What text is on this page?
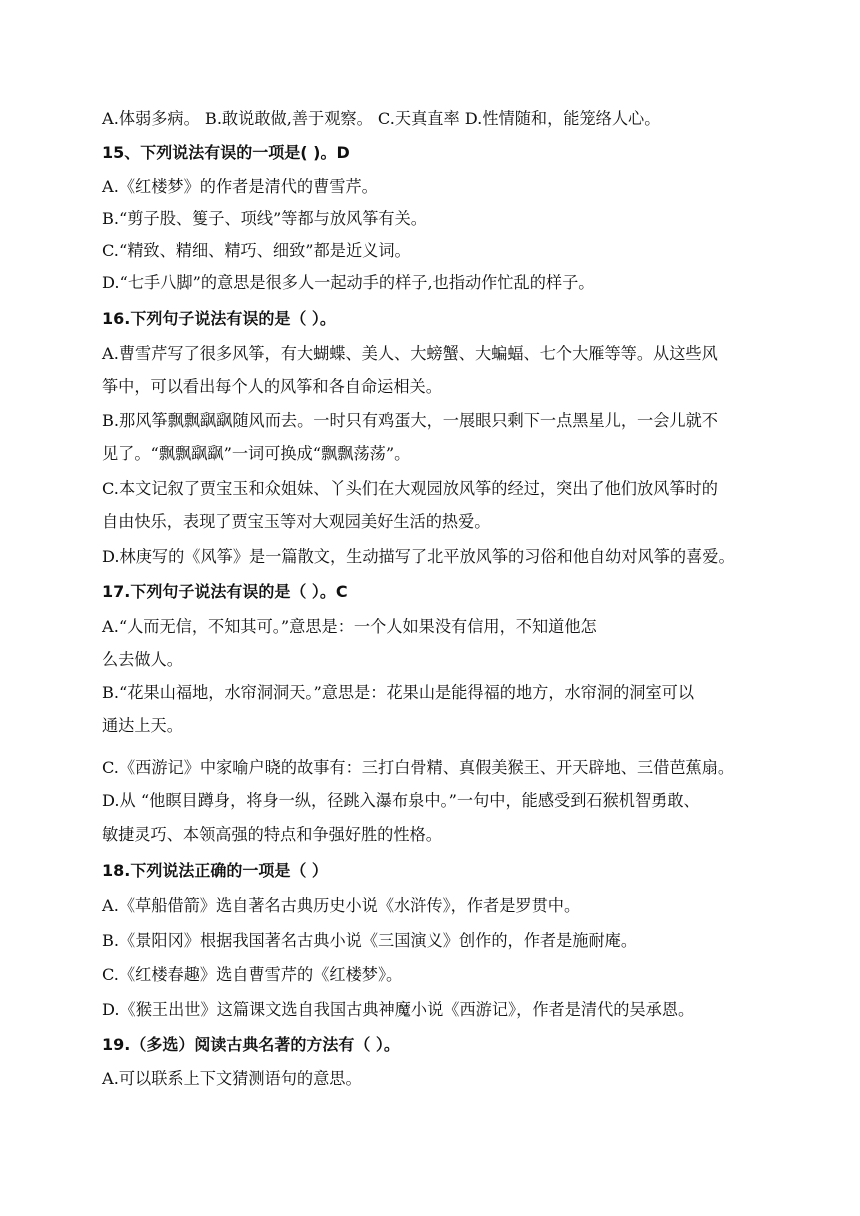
A.体弱多病。 B.敢说敢做,善于观察。 C.天真直率 D.性情随和，能笼络人心。
15、下列说法有误的一项是( )。D
A.《红楼梦》的作者是清代的曹雪芹。
B.“剪子股、篗子、项线”等都与放风筝有关。
C.“精致、精细、精巧、细致”都是近义词。
D.“七手八脚”的意思是很多人一起动手的样子,也指动作忙乱的样子。
16.下列句子说法有误的是（ ）。
A.曹雪芹写了很多风筝，有大蝴蝶、美人、大螃蟹、大蝙蝠、七个大雁等等。从这些风
筝中，可以看出每个人的风筝和各自命运相关。
B.那风筝飘飘飖飖随风而去。一时只有鸡蛋大，一展眼只剩下一点黑星儿，一会儿就不
见了。“飘飘飖飖”一词可换成“飘飘荡荡”。
C.本文记叙了贾宝玉和众姐妹、丫头们在大观园放风筝的经过，突出了他们放风筝时的
自由快乐，表现了贾宝玉等对大观园美好生活的热爱。
D.林庚写的《风筝》是一篇散文，生动描写了北平放风筝的习俗和他自幼对风筝的喜爱。
17.下列句子说法有误的是（ ）。C
A.“人而无信，不知其可。”意思是：一个人如果没有信用，不知道他怎
么去做人。
B.“花果山福地，水帘洞洞天。”意思是：花果山是能得福的地方，水帘洞的洞室可以
通达上天。
C.《西游记》中家喻户晓的故事有：三打白骨精、真假美猴王、开天辟地、三借芭蕉扇。
D.从 “他瞑目蹲身，将身一纵，径跳入瀑布泉中。”一句中，能感受到石猴机智勇敢、
敏捷灵巧、本领高强的特点和争强好胜的性格。
18.下列说法正确的一项是（ ）
A.《草船借箭》选自著名古典历史小说《水浒传》，作者是罗贯中。
B.《景阳冈》根据我国著名古典小说《三国演义》创作的，作者是施耐庵。
C.《红楼春趣》选自曹雪芹的《红楼梦》。
D.《猴王出世》这篇课文选自我国古典神魔小说《西游记》，作者是清代的吴承恩。
19.（多选）阅读古典名著的方法有（ ）。
A.可以联系上下文猜测语句的意思。
